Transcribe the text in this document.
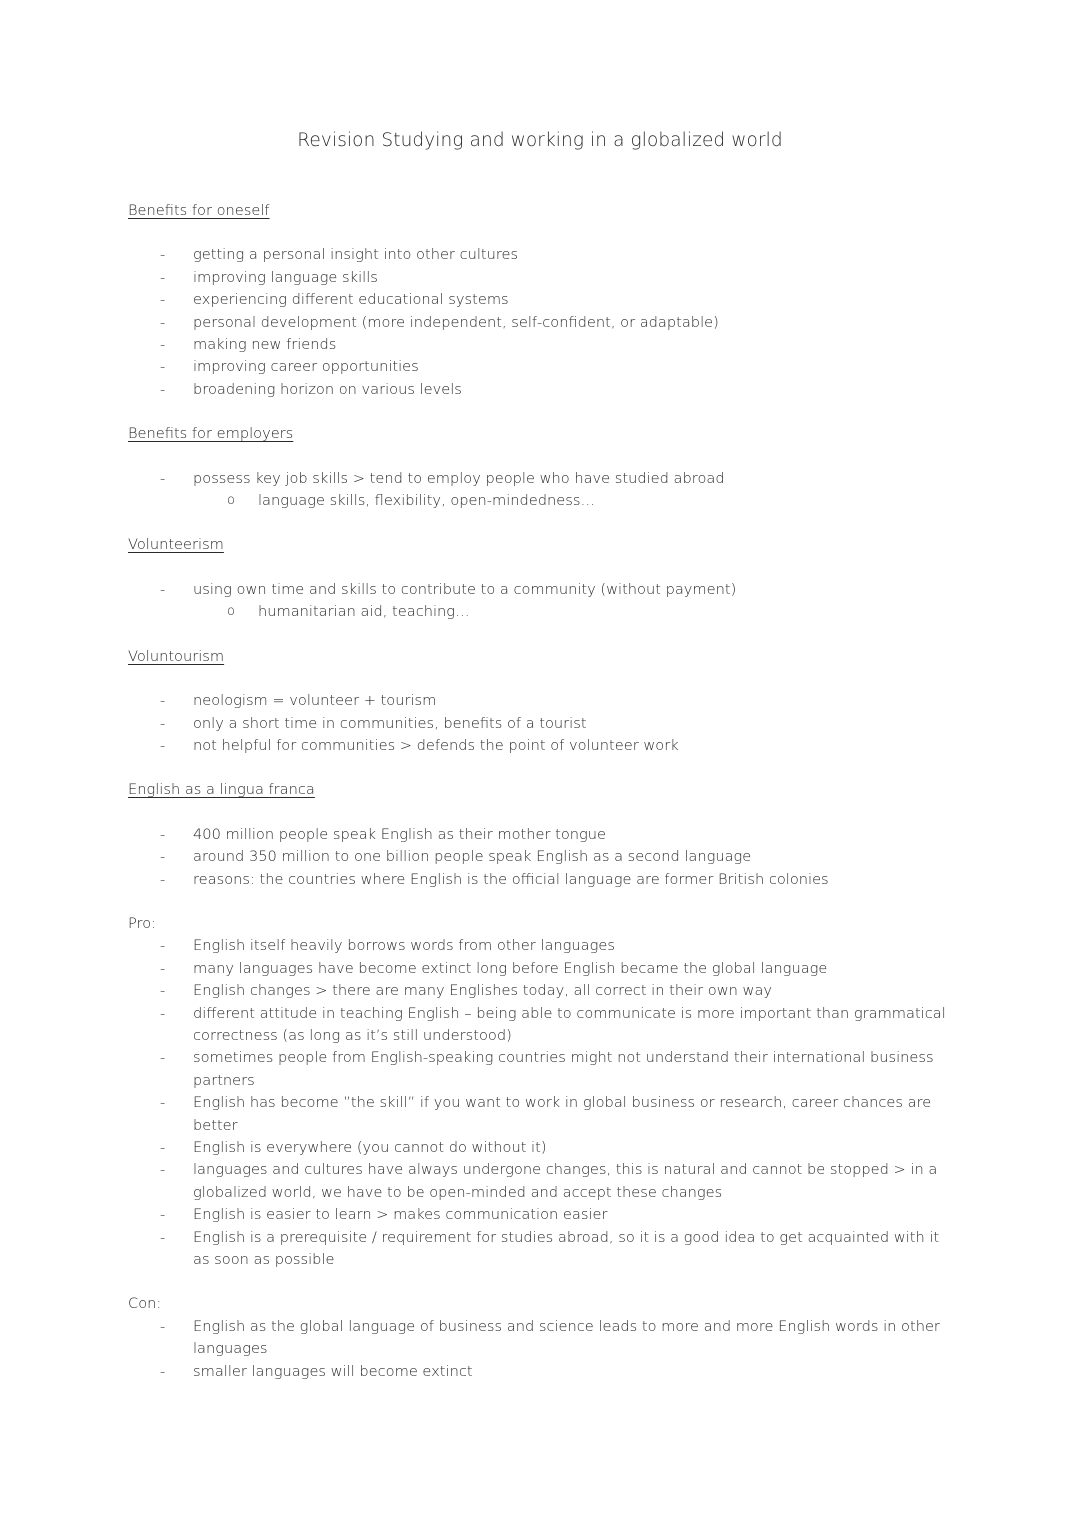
Revision Studying and working in a globalized world

Benefits for oneself

- getting a personal insight into other cultures
- improving language skills
- experiencing different educational systems
- personal development (more independent, self-confident, or adaptable)
- making new friends
- improving career opportunities
- broadening horizon on various levels

Benefits for employers

- possess key job skills > tend to employ people who have studied abroad
o language skills, flexibility, open-mindedness…

Volunteerism

- using own time and skills to contribute to a community (without payment)
o humanitarian aid, teaching…

Voluntourism

- neologism = volunteer + tourism
- only a short time in communities, benefits of a tourist
- not helpful for communities > defends the point of volunteer work

English as a lingua franca

- 400 million people speak English as their mother tongue
- around 350 million to one billion people speak English as a second language
- reasons: the countries where English is the official language are former British colonies

Pro:

- English itself heavily borrows words from other languages
- many languages have become extinct long before English became the global language
- English changes > there are many Englishes today, all correct in their own way
- different attitude in teaching English – being able to communicate is more important than grammatical correctness (as long as it’s still understood)
- sometimes people from English-speaking countries might not understand their international business partners
- English has become ”the skill” if you want to work in global business or research, career chances are better
- English is everywhere (you cannot do without it)
- languages and cultures have always undergone changes, this is natural and cannot be stopped > in a globalized world, we have to be open-minded and accept these changes
- English is easier to learn > makes communication easier
- English is a prerequisite / requirement for studies abroad, so it is a good idea to get acquainted with it as soon as possible

Con:

- English as the global language of business and science leads to more and more English words in other languages
- smaller languages will become extinct
